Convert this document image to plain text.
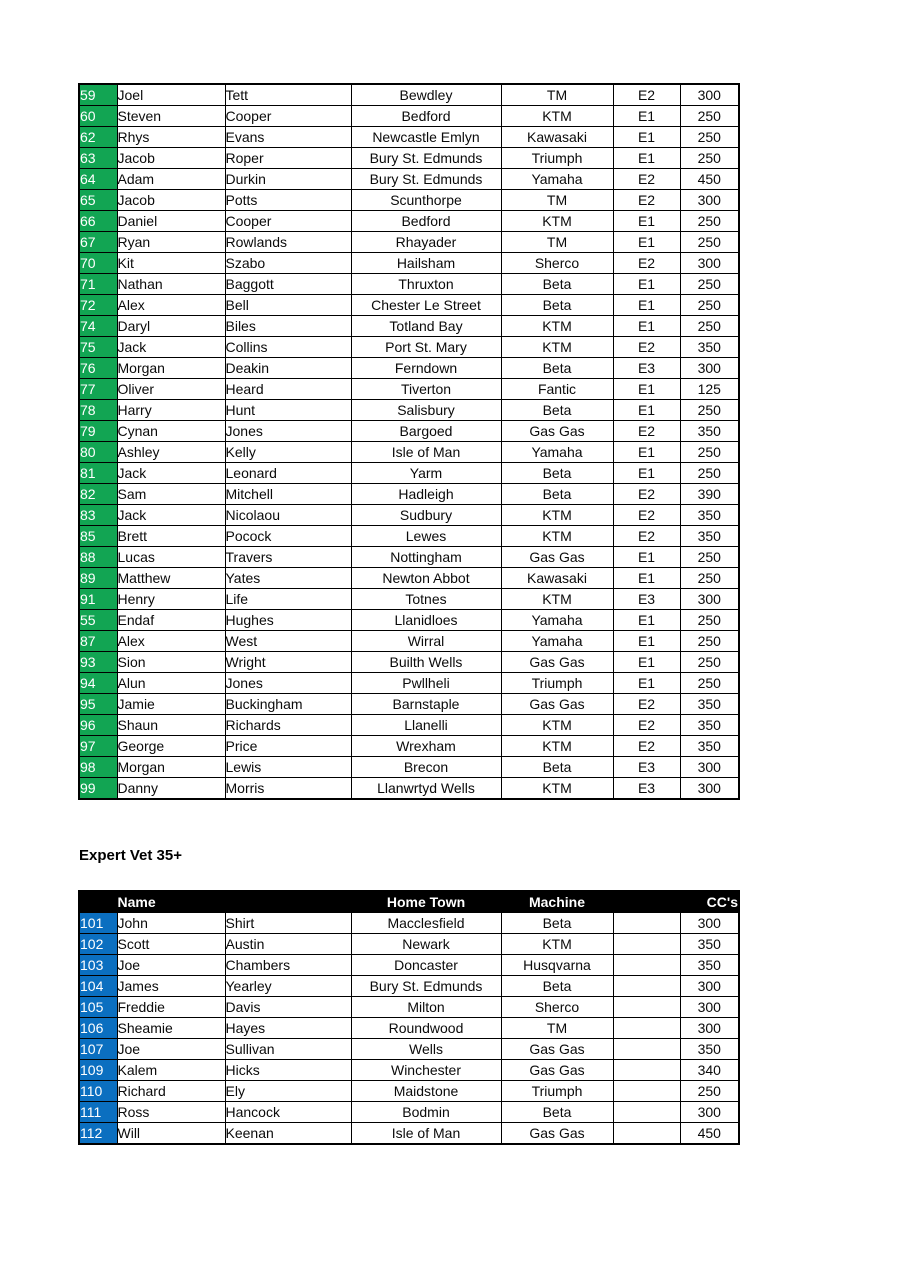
59	Joel	Tett	Bewdley	TM	E2	300
60	Steven	Cooper	Bedford	KTM	E1	250
62	Rhys	Evans	Newcastle Emlyn	Kawasaki	E1	250
63	Jacob	Roper	Bury St. Edmunds	Triumph	E1	250
64	Adam	Durkin	Bury St. Edmunds	Yamaha	E2	450
65	Jacob	Potts	Scunthorpe	TM	E2	300
66	Daniel	Cooper	Bedford	KTM	E1	250
67	Ryan	Rowlands	Rhayader	TM	E1	250
70	Kit	Szabo	Hailsham	Sherco	E2	300
71	Nathan	Baggott	Thruxton	Beta	E1	250
72	Alex	Bell	Chester Le Street	Beta	E1	250
74	Daryl	Biles	Totland Bay	KTM	E1	250
75	Jack	Collins	Port St. Mary	KTM	E2	350
76	Morgan	Deakin	Ferndown	Beta	E3	300
77	Oliver	Heard	Tiverton	Fantic	E1	125
78	Harry	Hunt	Salisbury	Beta	E1	250
79	Cynan	Jones	Bargoed	Gas Gas	E2	350
80	Ashley	Kelly	Isle of Man	Yamaha	E1	250
81	Jack	Leonard	Yarm	Beta	E1	250
82	Sam	Mitchell	Hadleigh	Beta	E2	390
83	Jack	Nicolaou	Sudbury	KTM	E2	350
85	Brett	Pocock	Lewes	KTM	E2	350
88	Lucas	Travers	Nottingham	Gas Gas	E1	250
89	Matthew	Yates	Newton Abbot	Kawasaki	E1	250
91	Henry	Life	Totnes	KTM	E3	300
55	Endaf	Hughes	Llanidloes	Yamaha	E1	250
87	Alex	West	Wirral	Yamaha	E1	250
93	Sion	Wright	Builth Wells	Gas Gas	E1	250
94	Alun	Jones	Pwllheli	Triumph	E1	250
95	Jamie	Buckingham	Barnstaple	Gas Gas	E2	350
96	Shaun	Richards	Llanelli	KTM	E2	350
97	George	Price	Wrexham	KTM	E2	350
98	Morgan	Lewis	Brecon	Beta	E3	300
99	Danny	Morris	Llanwrtyd Wells	KTM	E3	300
Expert Vet 35+
	Name		Home Town	Machine		CC's
101	John	Shirt	Macclesfield	Beta		300
102	Scott	Austin	Newark	KTM		350
103	Joe	Chambers	Doncaster	Husqvarna		350
104	James	Yearley	Bury St. Edmunds	Beta		300
105	Freddie	Davis	Milton	Sherco		300
106	Sheamie	Hayes	Roundwood	TM		300
107	Joe	Sullivan	Wells	Gas Gas		350
109	Kalem	Hicks	Winchester	Gas Gas		340
110	Richard	Ely	Maidstone	Triumph		250
111	Ross	Hancock	Bodmin	Beta		300
112	Will	Keenan	Isle of Man	Gas Gas		450
